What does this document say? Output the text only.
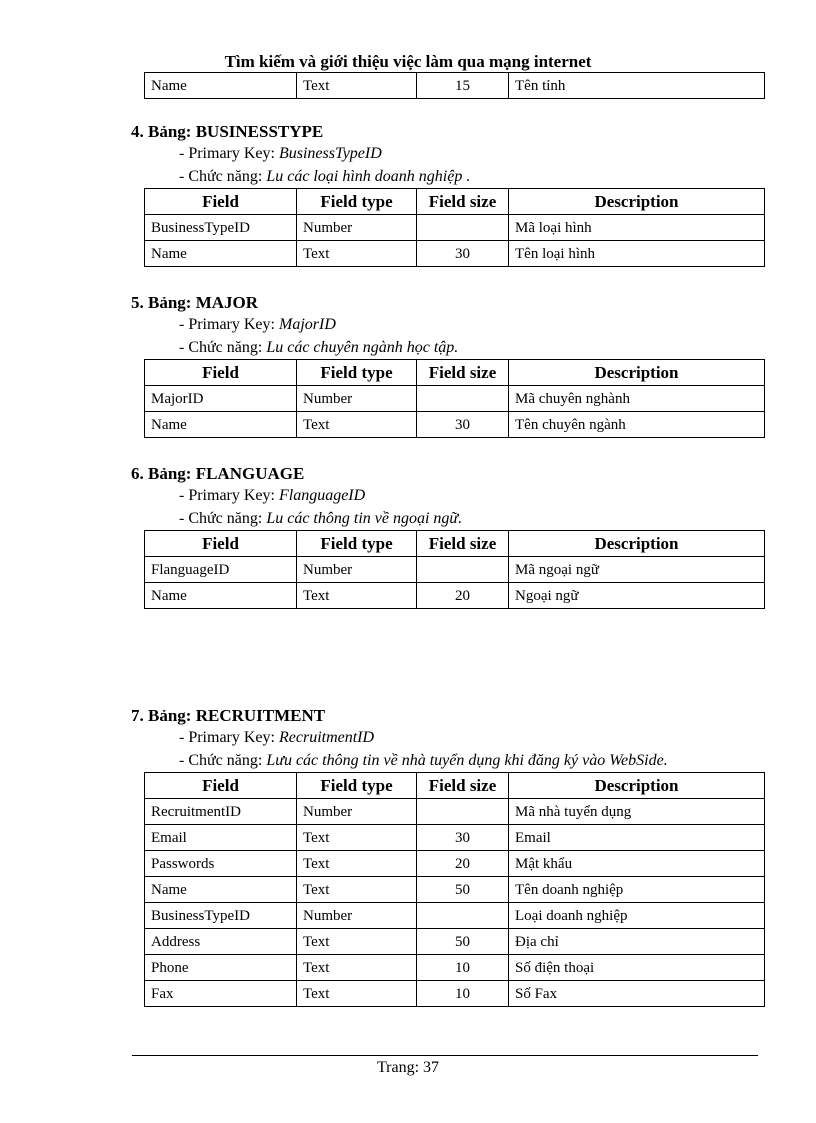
Tìm kiếm và giới thiệu việc làm qua mạng internet
Name	Text	15	Tên tỉnh

4. Bảng: BUSINESSTYPE

- Primary Key: BusinessTypeID
- Chức năng: Lu các loại hình doanh nghiệp .
Field	Field type	Field size	Description
BusinessTypeID	Number		Mã loại hình
Name	Text	30	Tên loại hình

5. Bảng: MAJOR

- Primary Key: MajorID
- Chức năng: Lu các chuyên ngành học tập.
Field	Field type	Field size	Description
MajorID	Number		Mã chuyên nghành
Name	Text	30	Tên chuyên ngành

6. Bảng: FLANGUAGE

- Primary Key: FlanguageID
- Chức năng: Lu các thông tin về ngoại ngữ.
Field	Field type	Field size	Description
FlanguageID	Number		Mã ngoại ngữ
Name	Text	20	Ngoại ngữ

7. Bảng: RECRUITMENT

- Primary Key: RecruitmentID
- Chức năng: Lưu các thông tin về nhà tuyển dụng khi đăng ký vào WebSide.
Field	Field type	Field size	Description
RecruitmentID	Number		Mã nhà tuyển dụng
Email	Text	30	Email
Passwords	Text	20	Mật khẩu
Name	Text	50	Tên doanh nghiệp
BusinessTypeID	Number		Loại doanh nghiệp
Address	Text	50	Địa chỉ
Phone	Text	10	Số điện thoại
Fax	Text	10	Số Fax
Trang: 37
